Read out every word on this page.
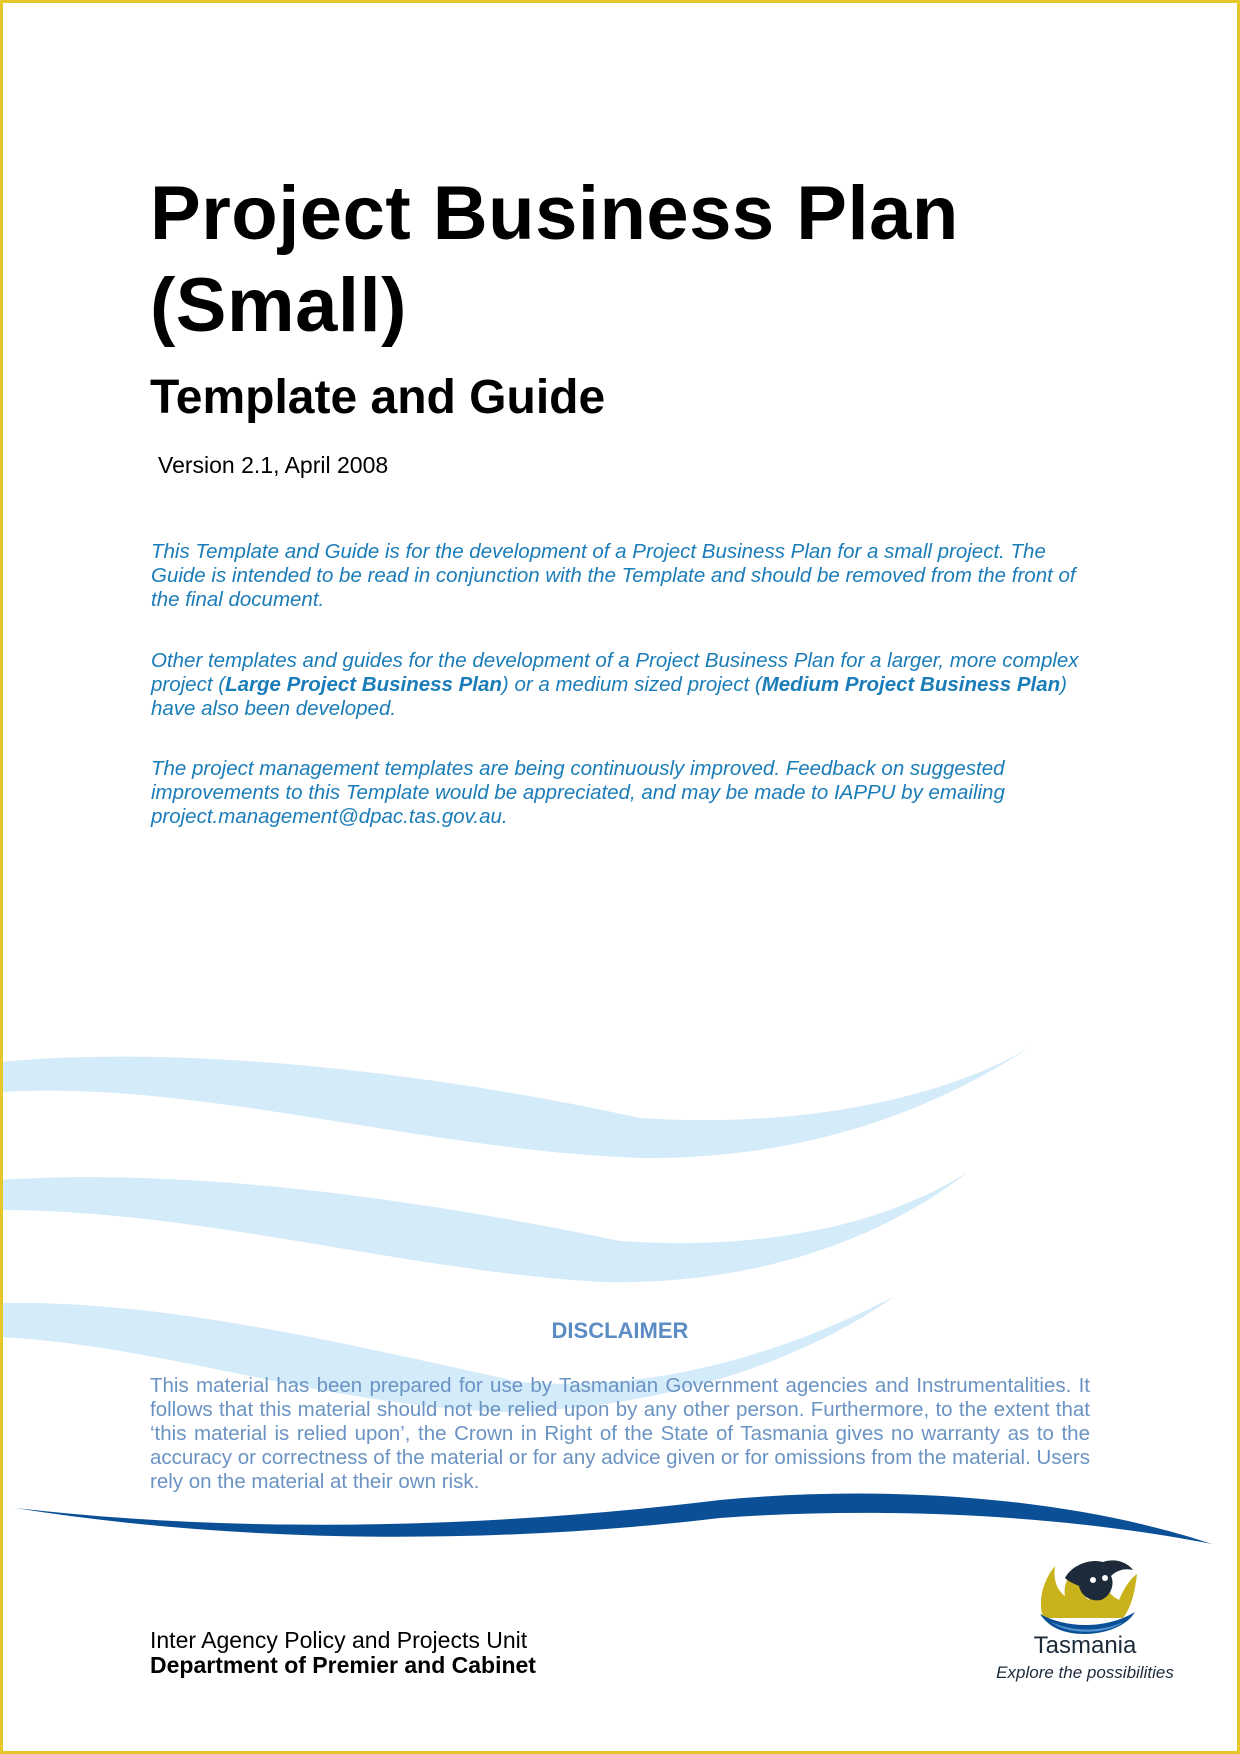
Project Business Plan
(Small)
Template and Guide
Version 2.1, April 2008

This Template and Guide is for the development of a Project Business Plan for a small project. The Guide is intended to be read in conjunction with the Template and should be removed from the front of the final document.

Other templates and guides for the development of a Project Business Plan for a larger, more complex project (Large Project Business Plan) or a medium sized project (Medium Project Business Plan) have also been developed.

The project management templates are being continuously improved. Feedback on suggested improvements to this Template would be appreciated, and may be made to IAPPU by emailing project.management@dpac.tas.gov.au.

DISCLAIMER

This material has been prepared for use by Tasmanian Government agencies and Instrumentalities. It follows that this material should not be relied upon by any other person. Furthermore, to the extent that ‘this material is relied upon’, the Crown in Right of the State of Tasmania gives no warranty as to the accuracy or correctness of the material or for any advice given or for omissions from the material. Users rely on the material at their own risk.

Inter Agency Policy and Projects Unit
Department of Premier and Cabinet
Tasmania
Explore the possibilities
